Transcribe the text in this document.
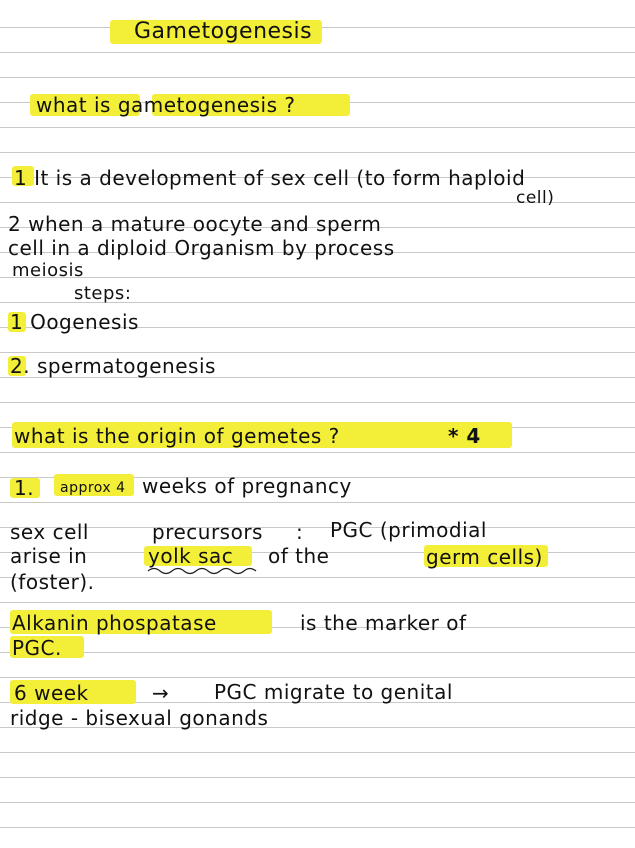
Gametogenesis
what is gametogenesis ?
1 It is a development of sex cell (to form haploid
cell)
2 when a mature oocyte and sperm
cell in a diploid Organism by process
meiosis
steps:
1 Oogenesis
2. spermatogenesis
what is the origin of gemetes ?	* 4
1. approx 4 weeks of pregnancy
sex cell	precursors : PGC (primodial
arise in	yolk sac of the	germ cells)
(foster).
Alkanin phospatase	is the marker of
PGC.
6 week	→ PGC migrate to genital
ridge - bisexual gonands
